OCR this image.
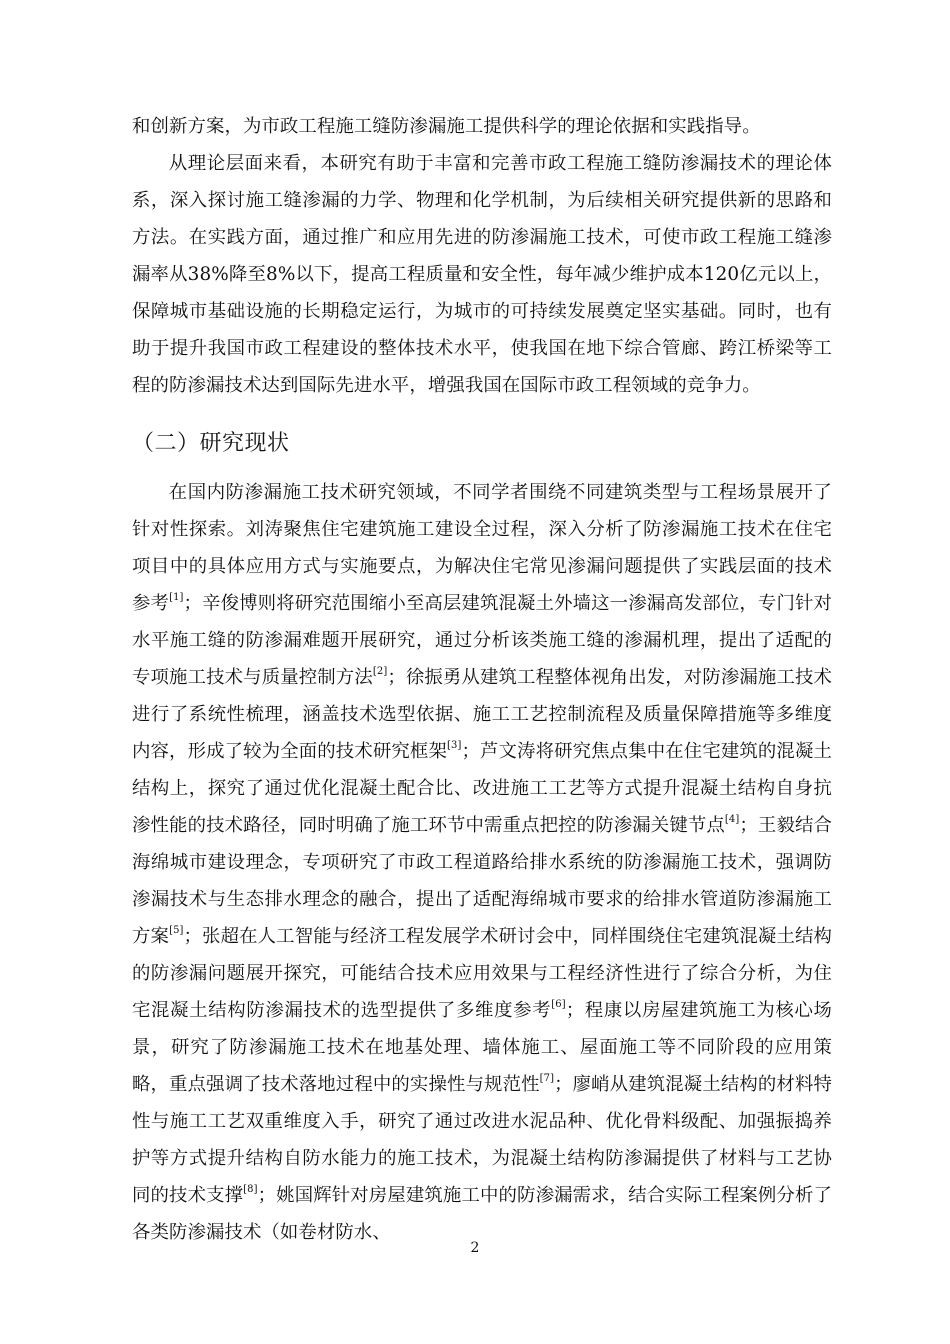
和创新方案，为市政工程施工缝防渗漏施工提供科学的理论依据和实践指导。

从理论层面来看，本研究有助于丰富和完善市政工程施工缝防渗漏技术的理论体系，深入探讨施工缝渗漏的力学、物理和化学机制，为后续相关研究提供新的思路和方法。在实践方面，通过推广和应用先进的防渗漏施工技术，可使市政工程施工缝渗漏率从38%降至8%以下，提高工程质量和安全性，每年减少维护成本120亿元以上，保障城市基础设施的长期稳定运行，为城市的可持续发展奠定坚实基础。同时，也有助于提升我国市政工程建设的整体技术水平，使我国在地下综合管廊、跨江桥梁等工程的防渗漏技术达到国际先进水平，增强我国在国际市政工程领域的竞争力。

（二）研究现状

在国内防渗漏施工技术研究领域，不同学者围绕不同建筑类型与工程场景展开了针对性探索。刘涛聚焦住宅建筑施工建设全过程，深入分析了防渗漏施工技术在住宅项目中的具体应用方式与实施要点，为解决住宅常见渗漏问题提供了实践层面的技术参考[1]；辛俊博则将研究范围缩小至高层建筑混凝土外墙这一渗漏高发部位，专门针对水平施工缝的防渗漏难题开展研究，通过分析该类施工缝的渗漏机理，提出了适配的专项施工技术与质量控制方法[2]；徐振勇从建筑工程整体视角出发，对防渗漏施工技术进行了系统性梳理，涵盖技术选型依据、施工工艺控制流程及质量保障措施等多维度内容，形成了较为全面的技术研究框架[3]；芦文涛将研究焦点集中在住宅建筑的混凝土结构上，探究了通过优化混凝土配合比、改进施工工艺等方式提升混凝土结构自身抗渗性能的技术路径，同时明确了施工环节中需重点把控的防渗漏关键节点[4]；王毅结合海绵城市建设理念，专项研究了市政工程道路给排水系统的防渗漏施工技术，强调防渗漏技术与生态排水理念的融合，提出了适配海绵城市要求的给排水管道防渗漏施工方案[5]；张超在人工智能与经济工程发展学术研讨会中，同样围绕住宅建筑混凝土结构的防渗漏问题展开探究，可能结合技术应用效果与工程经济性进行了综合分析，为住宅混凝土结构防渗漏技术的选型提供了多维度参考[6]；程康以房屋建筑施工为核心场景，研究了防渗漏施工技术在地基处理、墙体施工、屋面施工等不同阶段的应用策略，重点强调了技术落地过程中的实操性与规范性[7]；廖峭从建筑混凝土结构的材料特性与施工工艺双重维度入手，研究了通过改进水泥品种、优化骨料级配、加强振捣养护等方式提升结构自防水能力的施工技术，为混凝土结构防渗漏提供了材料与工艺协同的技术支撑[8]；姚国辉针对房屋建筑施工中的防渗漏需求，结合实际工程案例分析了各类防渗漏技术（如卷材防水、

2
